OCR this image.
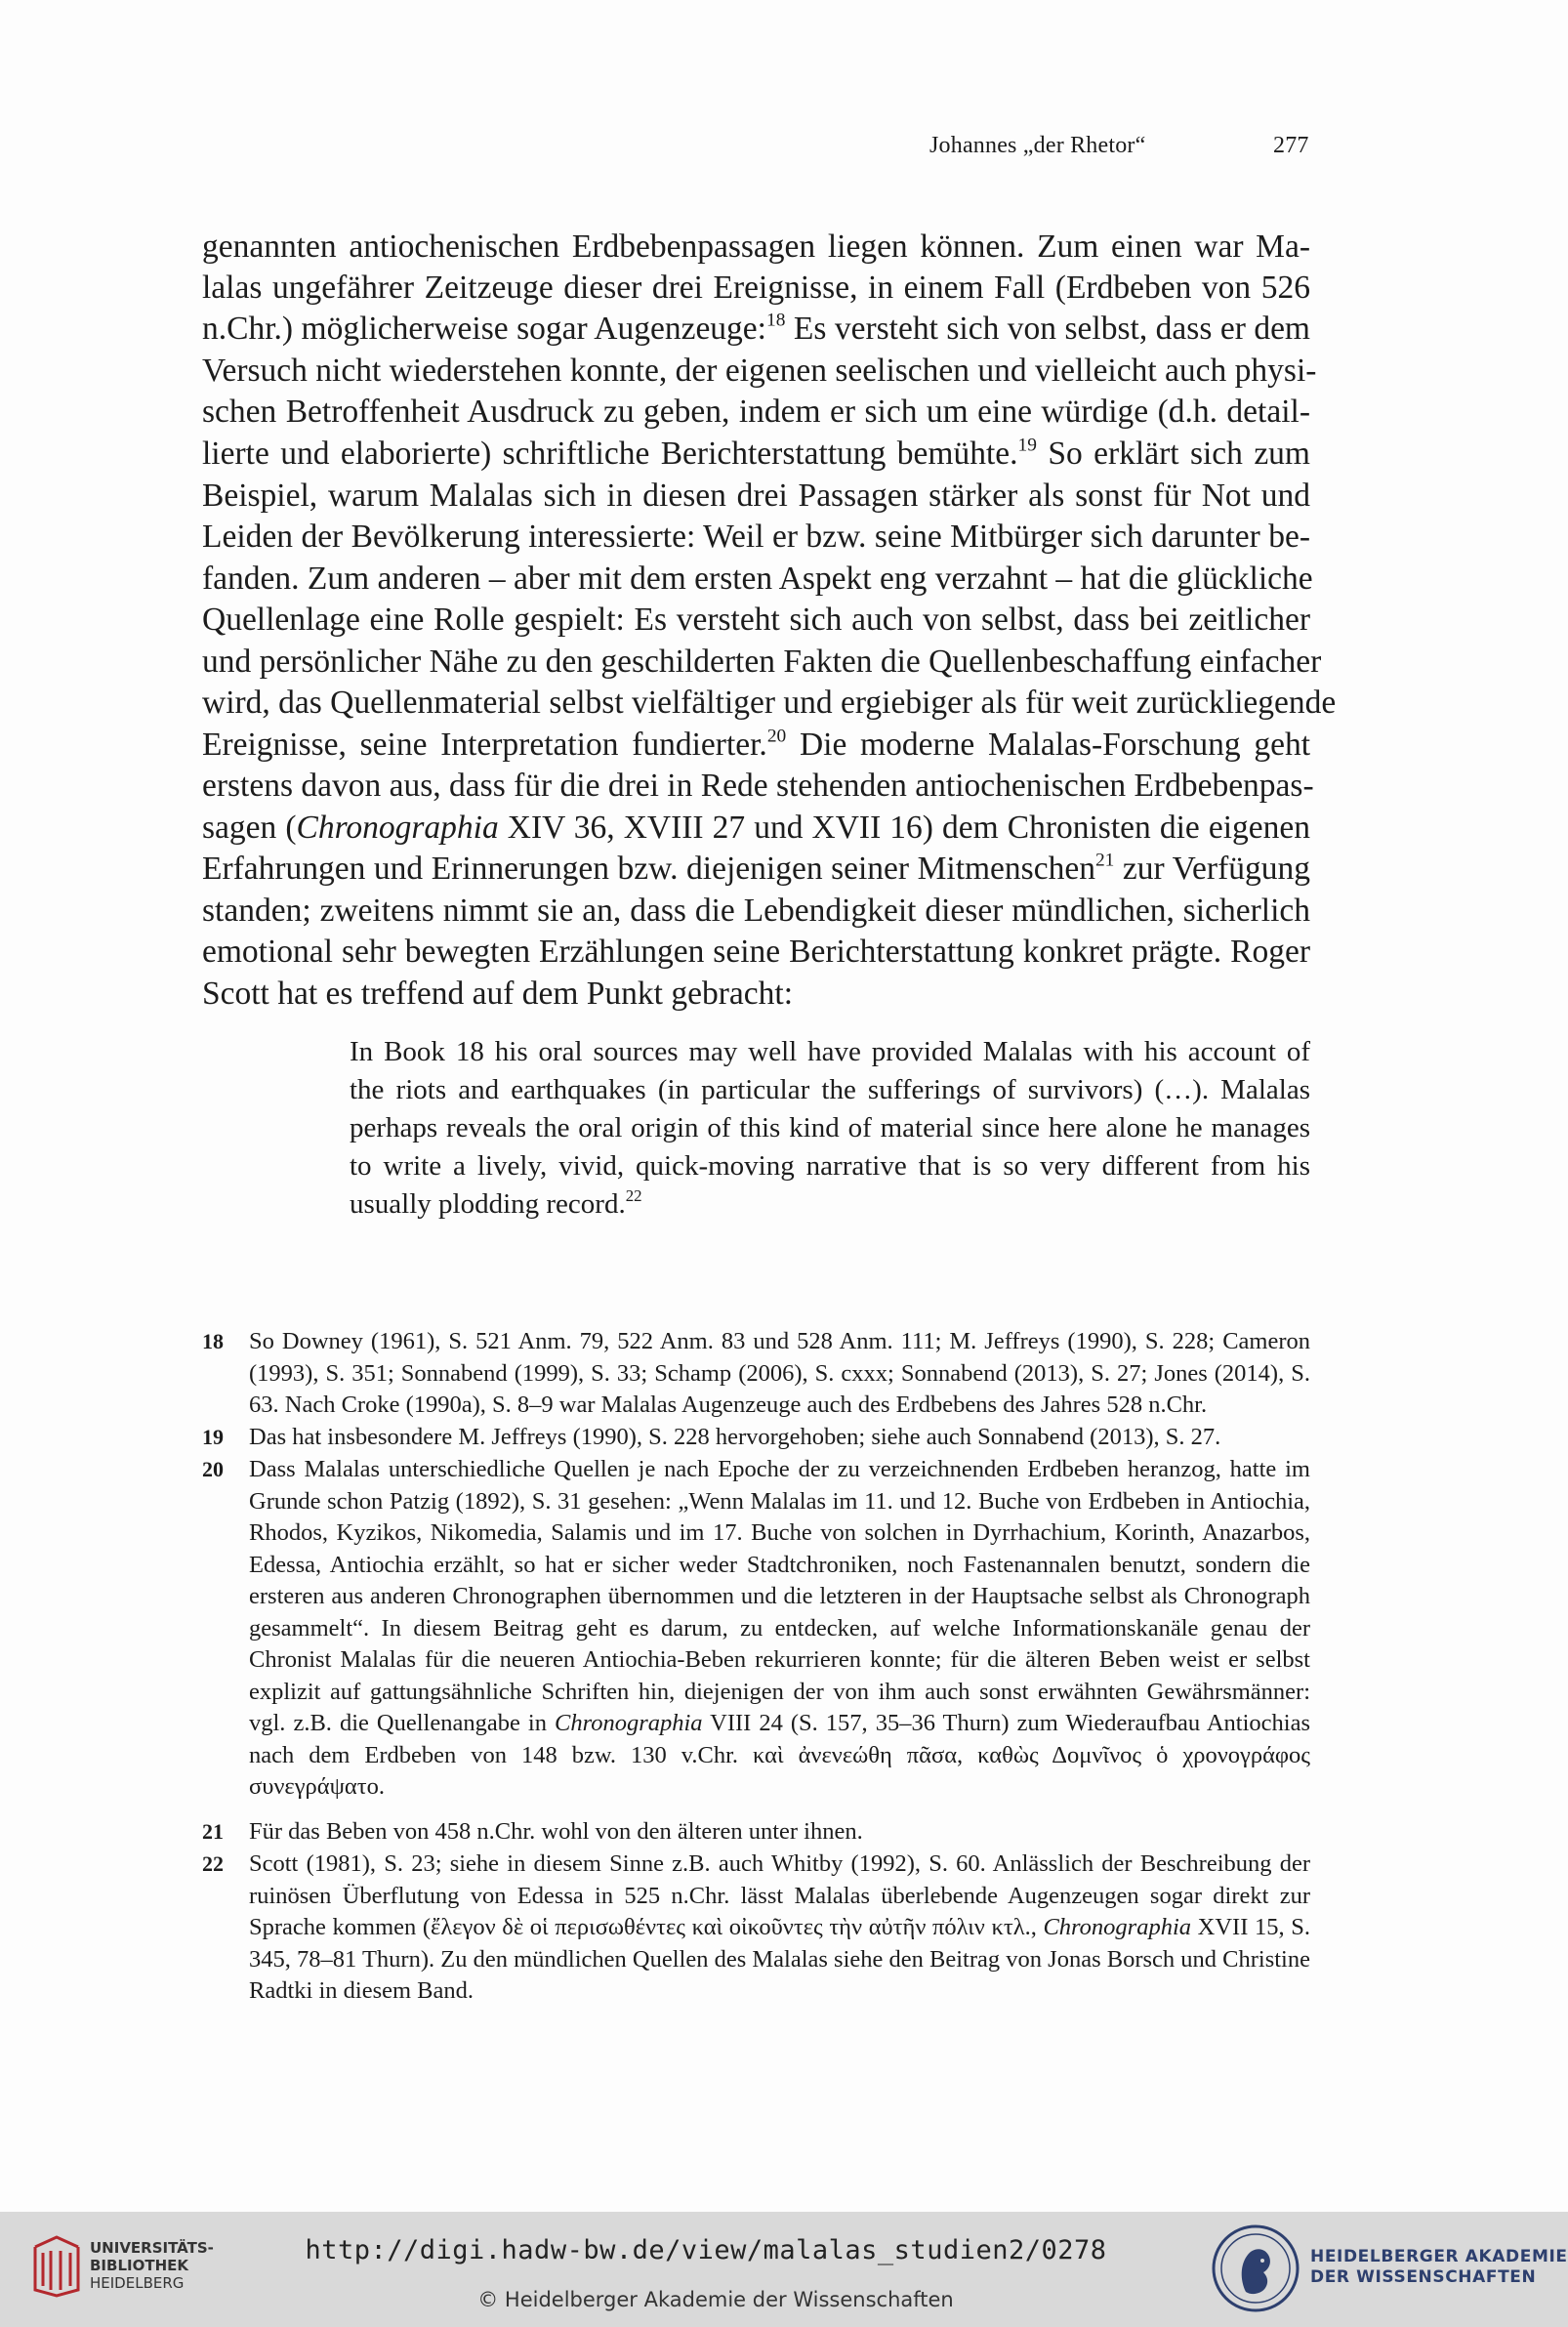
Johannes „der Rhetor“	277
genannten antiochenischen Erdbebenpassagen liegen können. Zum einen war Ma-
lalas ungefährer Zeitzeuge dieser drei Ereignisse, in einem Fall (Erdbeben von 526
n.Chr.) möglicherweise sogar Augenzeuge:$^{18}$ Es versteht sich von selbst, dass er dem
Versuch nicht wiederstehen konnte, der eigenen seelischen und vielleicht auch physi-
schen Betroffenheit Ausdruck zu geben, indem er sich um eine würdige (d.h. detail-
lierte und elaborierte) schriftliche Berichterstattung bemühte.$^{19}$ So erklärt sich zum
Beispiel, warum Malalas sich in diesen drei Passagen stärker als sonst für Not und
Leiden der Bevölkerung interessierte: Weil er bzw. seine Mitbürger sich darunter be-
fanden. Zum anderen – aber mit dem ersten Aspekt eng verzahnt – hat die glückliche
Quellenlage eine Rolle gespielt: Es versteht sich auch von selbst, dass bei zeitlicher
und persönlicher Nähe zu den geschilderten Fakten die Quellenbeschaffung einfacher
wird, das Quellenmaterial selbst vielfältiger und ergiebiger als für weit zurückliegende
Ereignisse, seine Interpretation fundierter.$^{20}$ Die moderne Malalas-Forschung geht
erstens davon aus, dass für die drei in Rede stehenden antiochenischen Erdbebenpas-
sagen (Chronographia XIV 36, XVIII 27 und XVII 16) dem Chronisten die eigenen
Erfahrungen und Erinnerungen bzw. diejenigen seiner Mitmenschen$^{21}$ zur Verfügung
standen; zweitens nimmt sie an, dass die Lebendigkeit dieser mündlichen, sicherlich
emotional sehr bewegten Erzählungen seine Berichterstattung konkret prägte. Roger
Scott hat es treffend auf dem Punkt gebracht:
In Book 18 his oral sources may well have provided Malalas with his account of
the riots and earthquakes (in particular the sufferings of survivors) (…). Malalas
perhaps reveals the oral origin of this kind of material since here alone he manages
to write a lively, vivid, quick-moving narrative that is so very different from his
usually plodding record.$^{22}$
18 So Downey (1961), S. 521 Anm. 79, 522 Anm. 83 und 528 Anm. 111; M. Jeffreys (1990), S. 228; Cameron (1993), S. 351; Sonnabend (1999), S. 33; Schamp (2006), S. cxxx; Sonnabend (2013), S. 27; Jones (2014), S. 63. Nach Croke (1990a), S. 8–9 war Malalas Augenzeuge auch des Erdbebens des Jahres 528 n.Chr.
19 Das hat insbesondere M. Jeffreys (1990), S. 228 hervorgehoben; siehe auch Sonnabend (2013), S. 27.
20 Dass Malalas unterschiedliche Quellen je nach Epoche der zu verzeichnenden Erdbeben heranzog, hatte im Grunde schon Patzig (1892), S. 31 gesehen: „Wenn Malalas im 11. und 12. Buche von Erdbeben in Antiochia, Rhodos, Kyzikos, Nikomedia, Salamis und im 17. Buche von solchen in Dyrrhachium, Korinth, Anazarbos, Edessa, Antiochia erzählt, so hat er sicher weder Stadtchroniken, noch Fastenannalen benutzt, sondern die ersteren aus anderen Chronographen übernommen und die letzteren in der Hauptsache selbst als Chronograph gesammelt“. In diesem Beitrag geht es darum, zu entdecken, auf welche Informationskanäle genau der Chronist Malalas für die neueren Antiochia-Beben rekurrieren konnte; für die älteren Beben weist er selbst explizit auf gattungsähnliche Schriften hin, diejenigen der von ihm auch sonst erwähnten Gewährsmänner: vgl. z.B. die Quellenangabe in Chronographia VIII 24 (S. 157, 35–36 Thurn) zum Wiederaufbau Antiochias nach dem Erdbeben von 148 bzw. 130 v.Chr. καὶ ἀνενεώθη πᾶσα, καθὼς Δομνῖνος ὁ χρονογράφος συνεγράψατο.
21 Für das Beben von 458 n.Chr. wohl von den älteren unter ihnen.
22 Scott (1981), S. 23; siehe in diesem Sinne z.B. auch Whitby (1992), S. 60. Anlässlich der Beschreibung der ruinösen Überflutung von Edessa in 525 n.Chr. lässt Malalas überlebende Augenzeugen sogar direkt zur Sprache kommen (ἔλεγον δὲ οἱ περισωθέντες καὶ οἰκοῦντες τὴν αὐτῆν πόλιν κτλ., Chronographia XVII 15, S. 345, 78–81 Thurn). Zu den mündlichen Quellen des Malalas siehe den Beitrag von Jonas Borsch und Christine Radtki in diesem Band.
UNIVERSITÄTS-
BIBLIOTHEK
HEIDELBERG
http://digi.hadw-bw.de/view/malalas_studien2/0278
© Heidelberger Akademie der Wissenschaften
HEIDELBERGER AKADEMIE
DER WISSENSCHAFTEN
